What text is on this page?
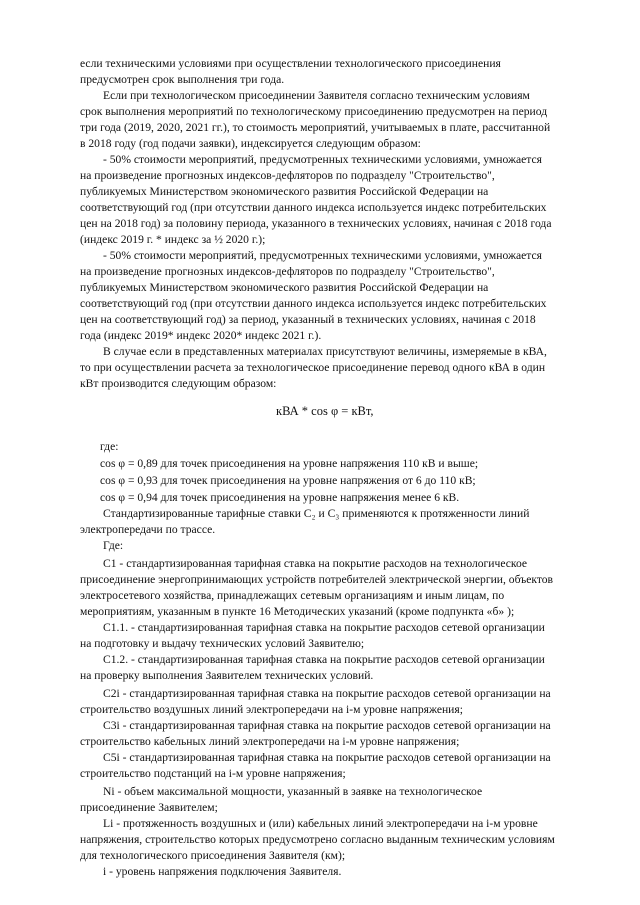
если техническими условиями при осуществлении технологического присоединения
предусмотрен срок выполнения три года.
Если при технологическом присоединении Заявителя согласно техническим условиям
срок выполнения мероприятий по технологическому присоединению предусмотрен на период
три года (2019, 2020, 2021 гг.), то стоимость мероприятий, учитываемых в плате, рассчитанной
в 2018 году (год подачи заявки), индексируется следующим образом:
- 50% стоимости мероприятий, предусмотренных техническими условиями, умножается
на произведение прогнозных индексов-дефляторов по подразделу "Строительство",
публикуемых Министерством экономического развития Российской Федерации на
соответствующий год (при отсутствии данного индекса используется индекс потребительских
цен на 2018 год) за половину периода, указанного в технических условиях, начиная с 2018 года
(индекс 2019 г. * индекс за ½ 2020 г.);
- 50% стоимости мероприятий, предусмотренных техническими условиями, умножается
на произведение прогнозных индексов-дефляторов по подразделу "Строительство",
публикуемых Министерством экономического развития Российской Федерации на
соответствующий год (при отсутствии данного индекса используется индекс потребительских
цен на соответствующий год) за период, указанный в технических условиях, начиная с 2018
года (индекс 2019* индекс 2020* индекс 2021 г.).
В случае если в представленных материалах присутствуют величины, измеряемые в кВА,
то при осуществлении расчета за технологическое присоединение перевод одного кВА в один
кВт производится следующим образом:
кВА * cos φ = кВт,
где:
cos φ = 0,89 для точек присоединения на уровне напряжения 110 кВ и выше;
cos φ = 0,93 для точек присоединения на уровне напряжения от 6 до 110 кВ;
cos φ = 0,94 для точек присоединения на уровне напряжения менее 6 кВ.
Стандартизированные тарифные ставки C₂ и C₃ применяются к протяженности линий
электропередачи по трассе.
Где:
C1 - стандартизированная тарифная ставка на покрытие расходов на технологическое
присоединение энергопринимающих устройств потребителей электрической энергии, объектов
электросетевого хозяйства, принадлежащих сетевым организациям и иным лицам, по
мероприятиям, указанным в пункте 16 Методических указаний (кроме подпункта «б» );
C1.1. - стандартизированная тарифная ставка на покрытие расходов сетевой организации
на подготовку и выдачу технических условий Заявителю;
C1.2. - стандартизированная тарифная ставка на покрытие расходов сетевой организации
на проверку выполнения Заявителем технических условий.
C2i - стандартизированная тарифная ставка на покрытие расходов сетевой организации на
строительство воздушных линий электропередачи на i-м уровне напряжения;
C3i - стандартизированная тарифная ставка на покрытие расходов сетевой организации на
строительство кабельных линий электропередачи на i-м уровне напряжения;
C5i - стандартизированная тарифная ставка на покрытие расходов сетевой организации на
строительство подстанций на i-м уровне напряжения;
Ni - объем максимальной мощности, указанный в заявке на технологическое
присоединение Заявителем;
Li - протяженность воздушных и (или) кабельных линий электропередачи на i-м уровне
напряжения, строительство которых предусмотрено согласно выданным техническим условиям
для технологического присоединения Заявителя (км);
i - уровень напряжения подключения Заявителя.
